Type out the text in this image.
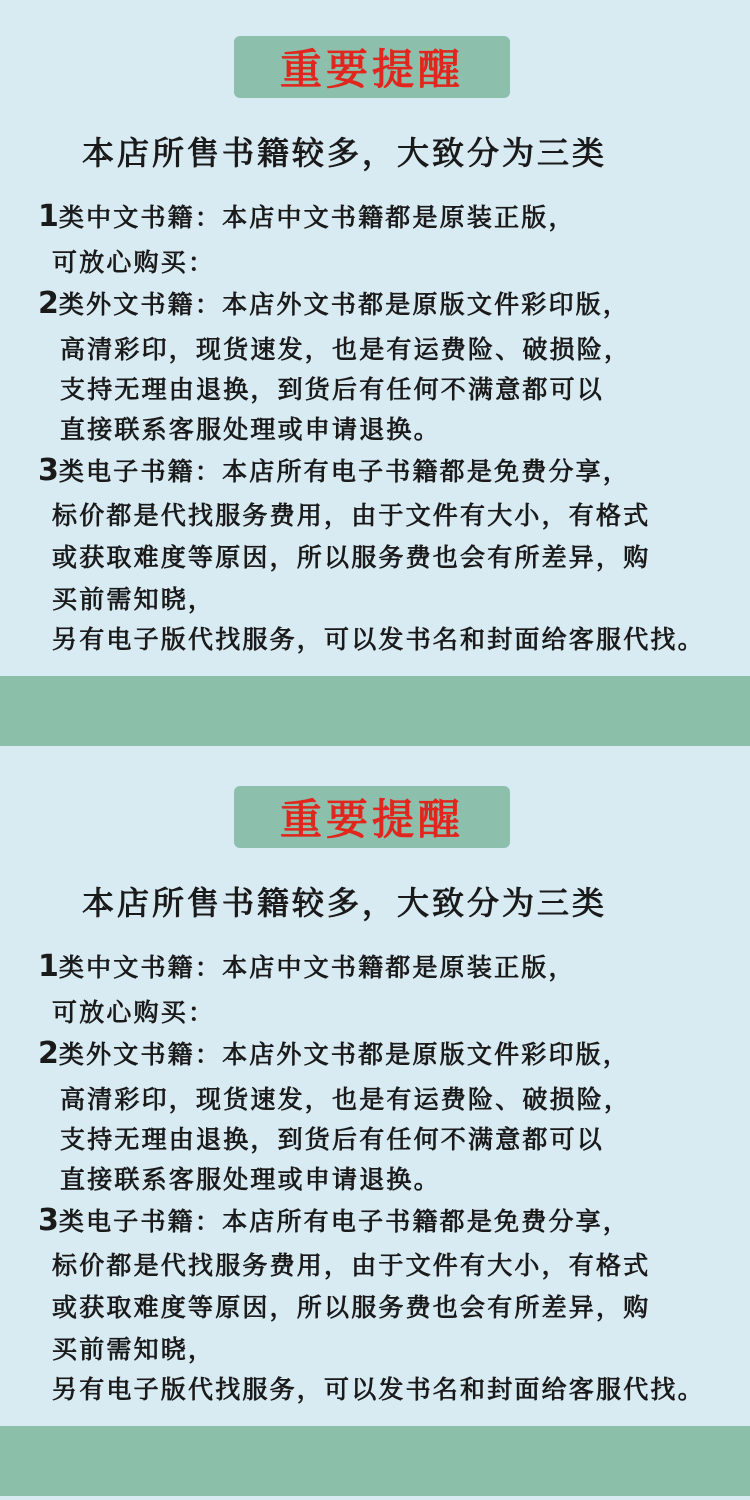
重要提醒
本店所售书籍较多，大致分为三类
1类中文书籍：本店中文书籍都是原装正版，
可放心购买：
2类外文书籍：本店外文书都是原版文件彩印版，
高清彩印，现货速发，也是有运费险、破损险，
支持无理由退换，到货后有任何不满意都可以
直接联系客服处理或申请退换。
3类电子书籍：本店所有电子书籍都是免费分享，
标价都是代找服务费用，由于文件有大小，有格式
或获取难度等原因，所以服务费也会有所差异，购
买前需知晓，
另有电子版代找服务，可以发书名和封面给客服代找。
重要提醒
本店所售书籍较多，大致分为三类
1类中文书籍：本店中文书籍都是原装正版，
可放心购买：
2类外文书籍：本店外文书都是原版文件彩印版，
高清彩印，现货速发，也是有运费险、破损险，
支持无理由退换，到货后有任何不满意都可以
直接联系客服处理或申请退换。
3类电子书籍：本店所有电子书籍都是免费分享，
标价都是代找服务费用，由于文件有大小，有格式
或获取难度等原因，所以服务费也会有所差异，购
买前需知晓，
另有电子版代找服务，可以发书名和封面给客服代找。
